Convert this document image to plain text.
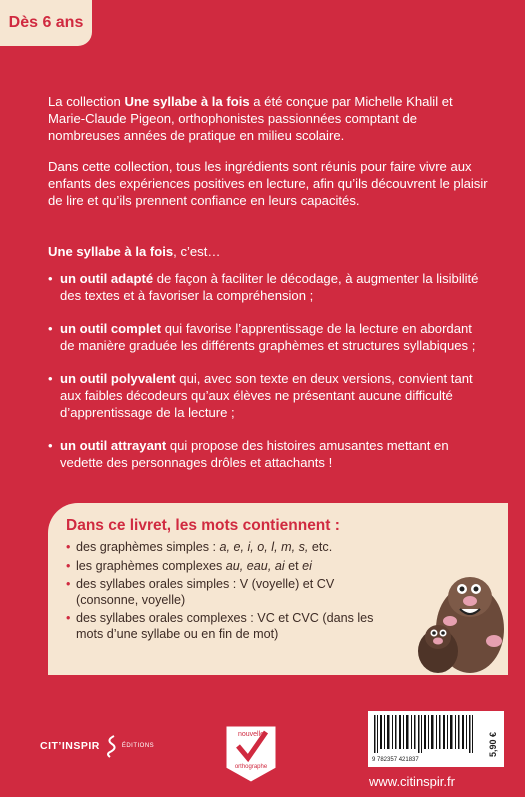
Dès 6 ans

La collection Une syllabe à la fois a été conçue par Michelle Khalil et Marie-Claude Pigeon, orthophonistes passionnées comptant de nombreuses années de pratique en milieu scolaire.

Dans cette collection, tous les ingrédients sont réunis pour faire vivre aux enfants des expériences positives en lecture, afin qu’ils découvrent le plaisir de lire et qu’ils prennent confiance en leurs capacités.

Une syllabe à la fois, c’est…
• un outil adapté de façon à faciliter le décodage, à augmenter la lisibilité des textes et à favoriser la compréhension ;
• un outil complet qui favorise l’apprentissage de la lecture en abordant de manière graduée les différents graphèmes et structures syllabiques ;
• un outil polyvalent qui, avec son texte en deux versions, convient tant aux faibles décodeurs qu’aux élèves ne présentant aucune difficulté d’apprentissage de la lecture ;
• un outil attrayant qui propose des histoires amusantes mettant en vedette des personnages drôles et attachants !
Dans ce livret, les mots contiennent :
• des graphèmes simples : a, e, i, o, l, m, s, etc.
• les graphèmes complexes au, eau, ai et ei
• des syllabes orales simples : V (voyelle) et CV (consonne, voyelle)
• des syllabes orales complexes : VC et CVC (dans les mots d’une syllabe ou en fin de mot)
CIT’INSPIR	ÉDITIONS
nouvelle
orthographe
9 782357 421837
5,90 €
www.citinspir.fr
